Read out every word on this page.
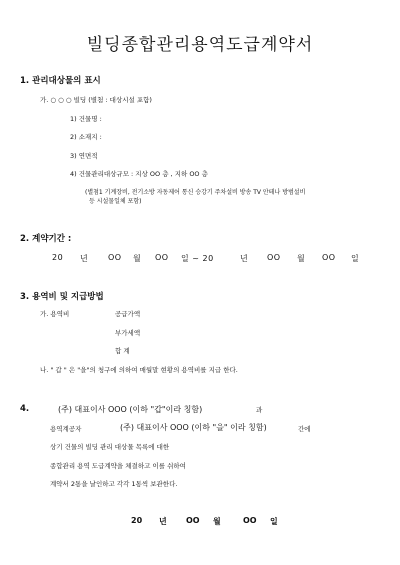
빌딩종합관리용역도급계약서
1. 관리대상물의 표시
가. ○ ○ ○ 빌딩 (별첨 : 대상시설 포함)
1) 건물명 :
2) 소재지 :
3) 연면적
4) 건물관리대상규모 : 지상 OO 층 , 지하 OO 층
(별첨1 기계장비, 전기소방 자동제어 통신 승강기 주차설비 방송 TV 안테나 방범설비
등 시설물일체 포함)
2. 계약기간 :
20 년 OO 월 OO 일 ~ 20	년 OO 월 OO 일
3. 용역비 및 지급방법
가. 용역비	공급가액
부가세액
합 계
나. " 갑 " 은 "을"의 청구에 의하여 매월말 현황의 용역비를 지급 한다.
4.	(주) 대표이사 OOO (이하 "갑"이라 칭함)	과
용역계공자	(주) 대표이사 OOO (이하 "을" 이라 칭함)	간에
상기 건물의 빌딩 관리 대상물 목록에 대한
종합관리 용역 도급계약을 체결하고 이를 쉬하여
계약서 2통을 날인하고 각각 1통씩 보관한다.
20 년 OO 월	OO 일
